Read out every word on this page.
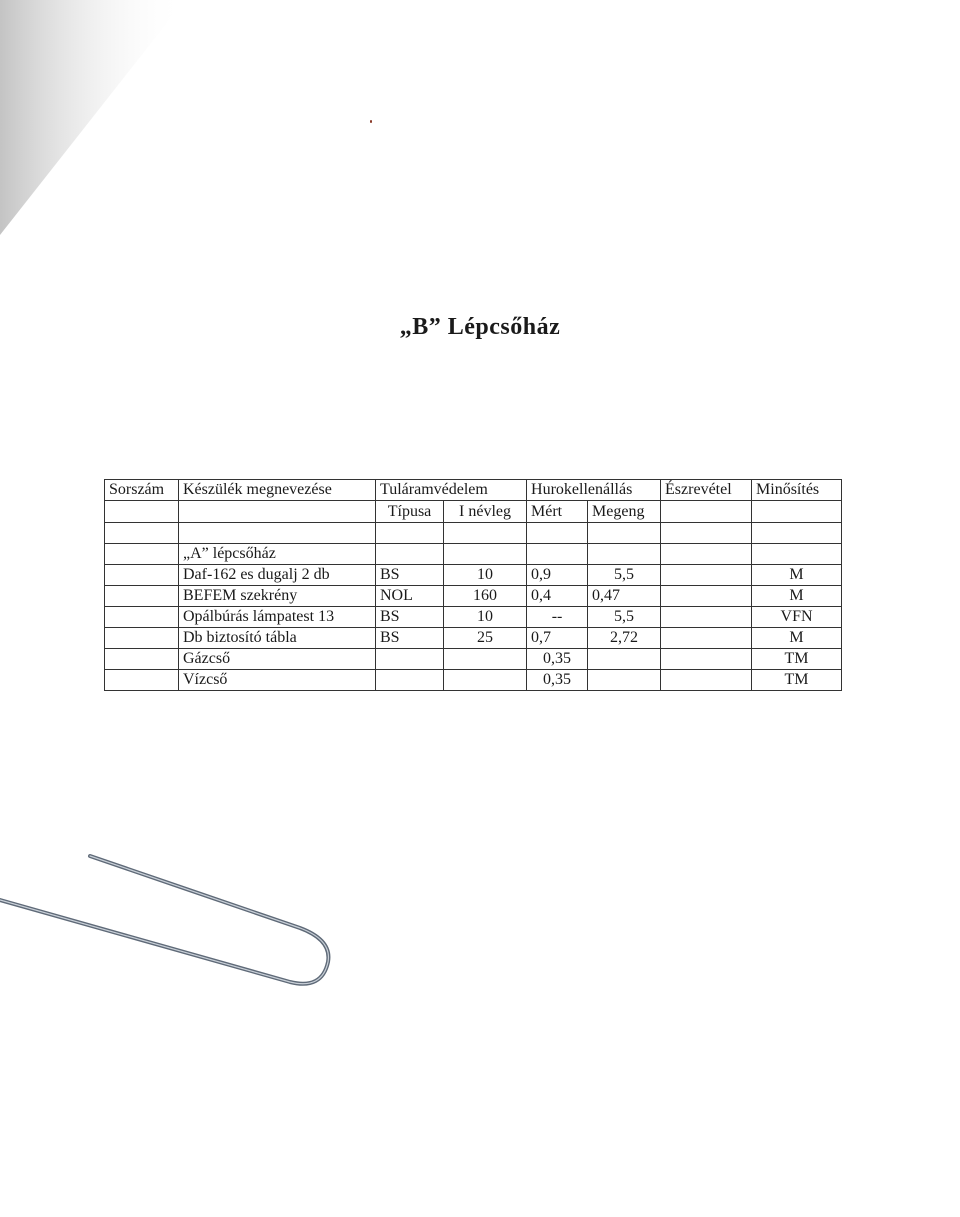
„B” Lépcsőház
Sorszám	Készülék megnevezése	Tuláramvédelem		Hurokellenállás		Észrevétel	Minősítés
		Típusa	I névleg	Mért	Megeng		

	„A” lépcsőház						
	Daf-162 es dugalj 2 db	BS	10	0,9	5,5		M
	BEFEM szekrény	NOL	160	0,4	0,47		M
	Opálbúrás lámpatest 13	BS	10	--	5,5		VFN
	Db biztosító tábla	BS	25	0,7	2,72		M
	Gázcső			0,35			TM
	Vízcső			0,35			TM
